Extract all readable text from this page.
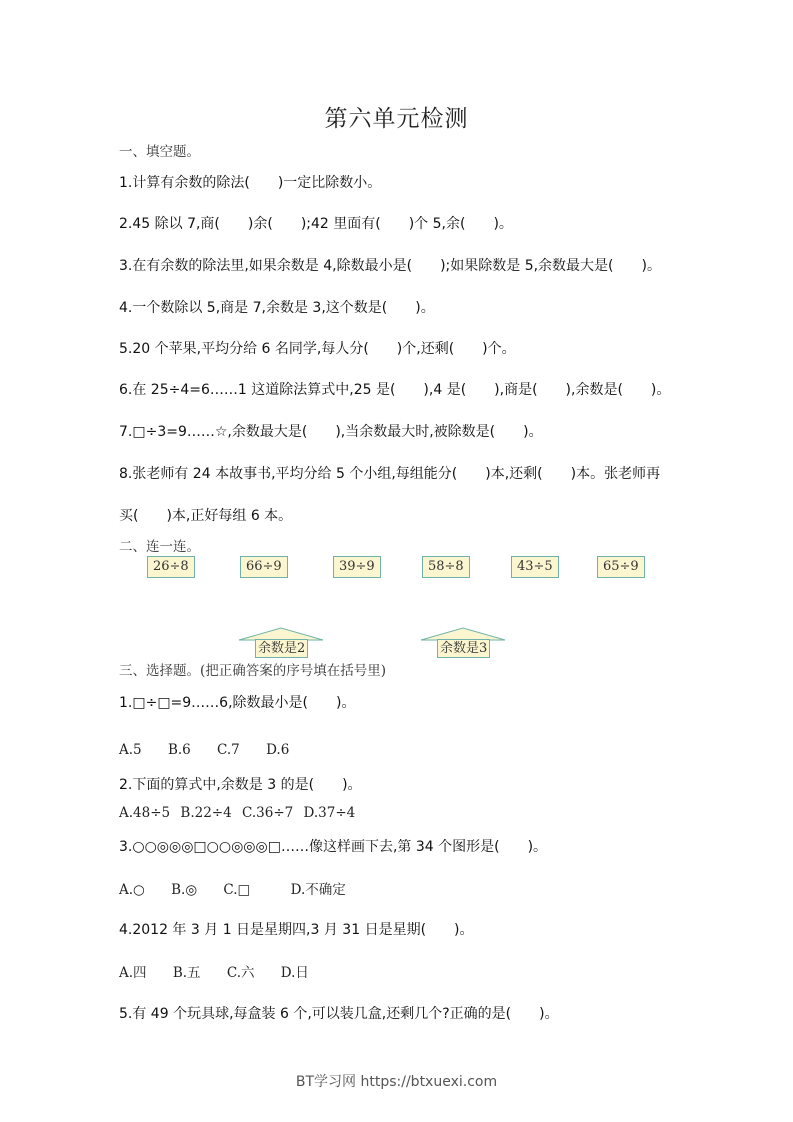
第六单元检测
一、填空题。
1.计算有余数的除法(　　)一定比除数小。
2.45 除以 7,商(　　)余(　　);42 里面有(　　)个 5,余(　　)。
3.在有余数的除法里,如果余数是 4,除数最小是(　　);如果除数是 5,余数最大是(　　)。
4.一个数除以 5,商是 7,余数是 3,这个数是(　　)。
5.20 个苹果,平均分给 6 名同学,每人分(　　)个,还剩(　　)个。
6.在 25÷4=6……1 这道除法算式中,25 是(　　),4 是(　　),商是(　　),余数是(　　)。
7.□÷3=9……☆,余数最大是(　　),当余数最大时,被除数是(　　)。
8.张老师有 24 本故事书,平均分给 5 个小组,每组能分(　　)本,还剩(　　)本。张老师再
买(　　)本,正好每组 6 本。
二、连一连。
26÷8	66÷9	39÷9	58÷8	43÷5	65÷9
余数是2	余数是3
三、选择题。(把正确答案的序号填在括号里)
1.□÷□=9……6,除数最小是(　　)。
A.5 B.6 C.7 D.6
2.下面的算式中,余数是 3 的是(　　)。
A.48÷5 B.22÷4 C.36÷7 D.37÷4
3.○○◎◎◎□○○◎◎◎□……像这样画下去,第 34 个图形是(　　)。
A.○ B.◎ C.□	D.不确定
4.2012 年 3 月 1 日是星期四,3 月 31 日是星期(　　)。
A.四 B.五 C.六 D.日
5.有 49 个玩具球,每盒装 6 个,可以装几盒,还剩几个?正确的是(　　)。
BT学习网 https://btxuexi.com
